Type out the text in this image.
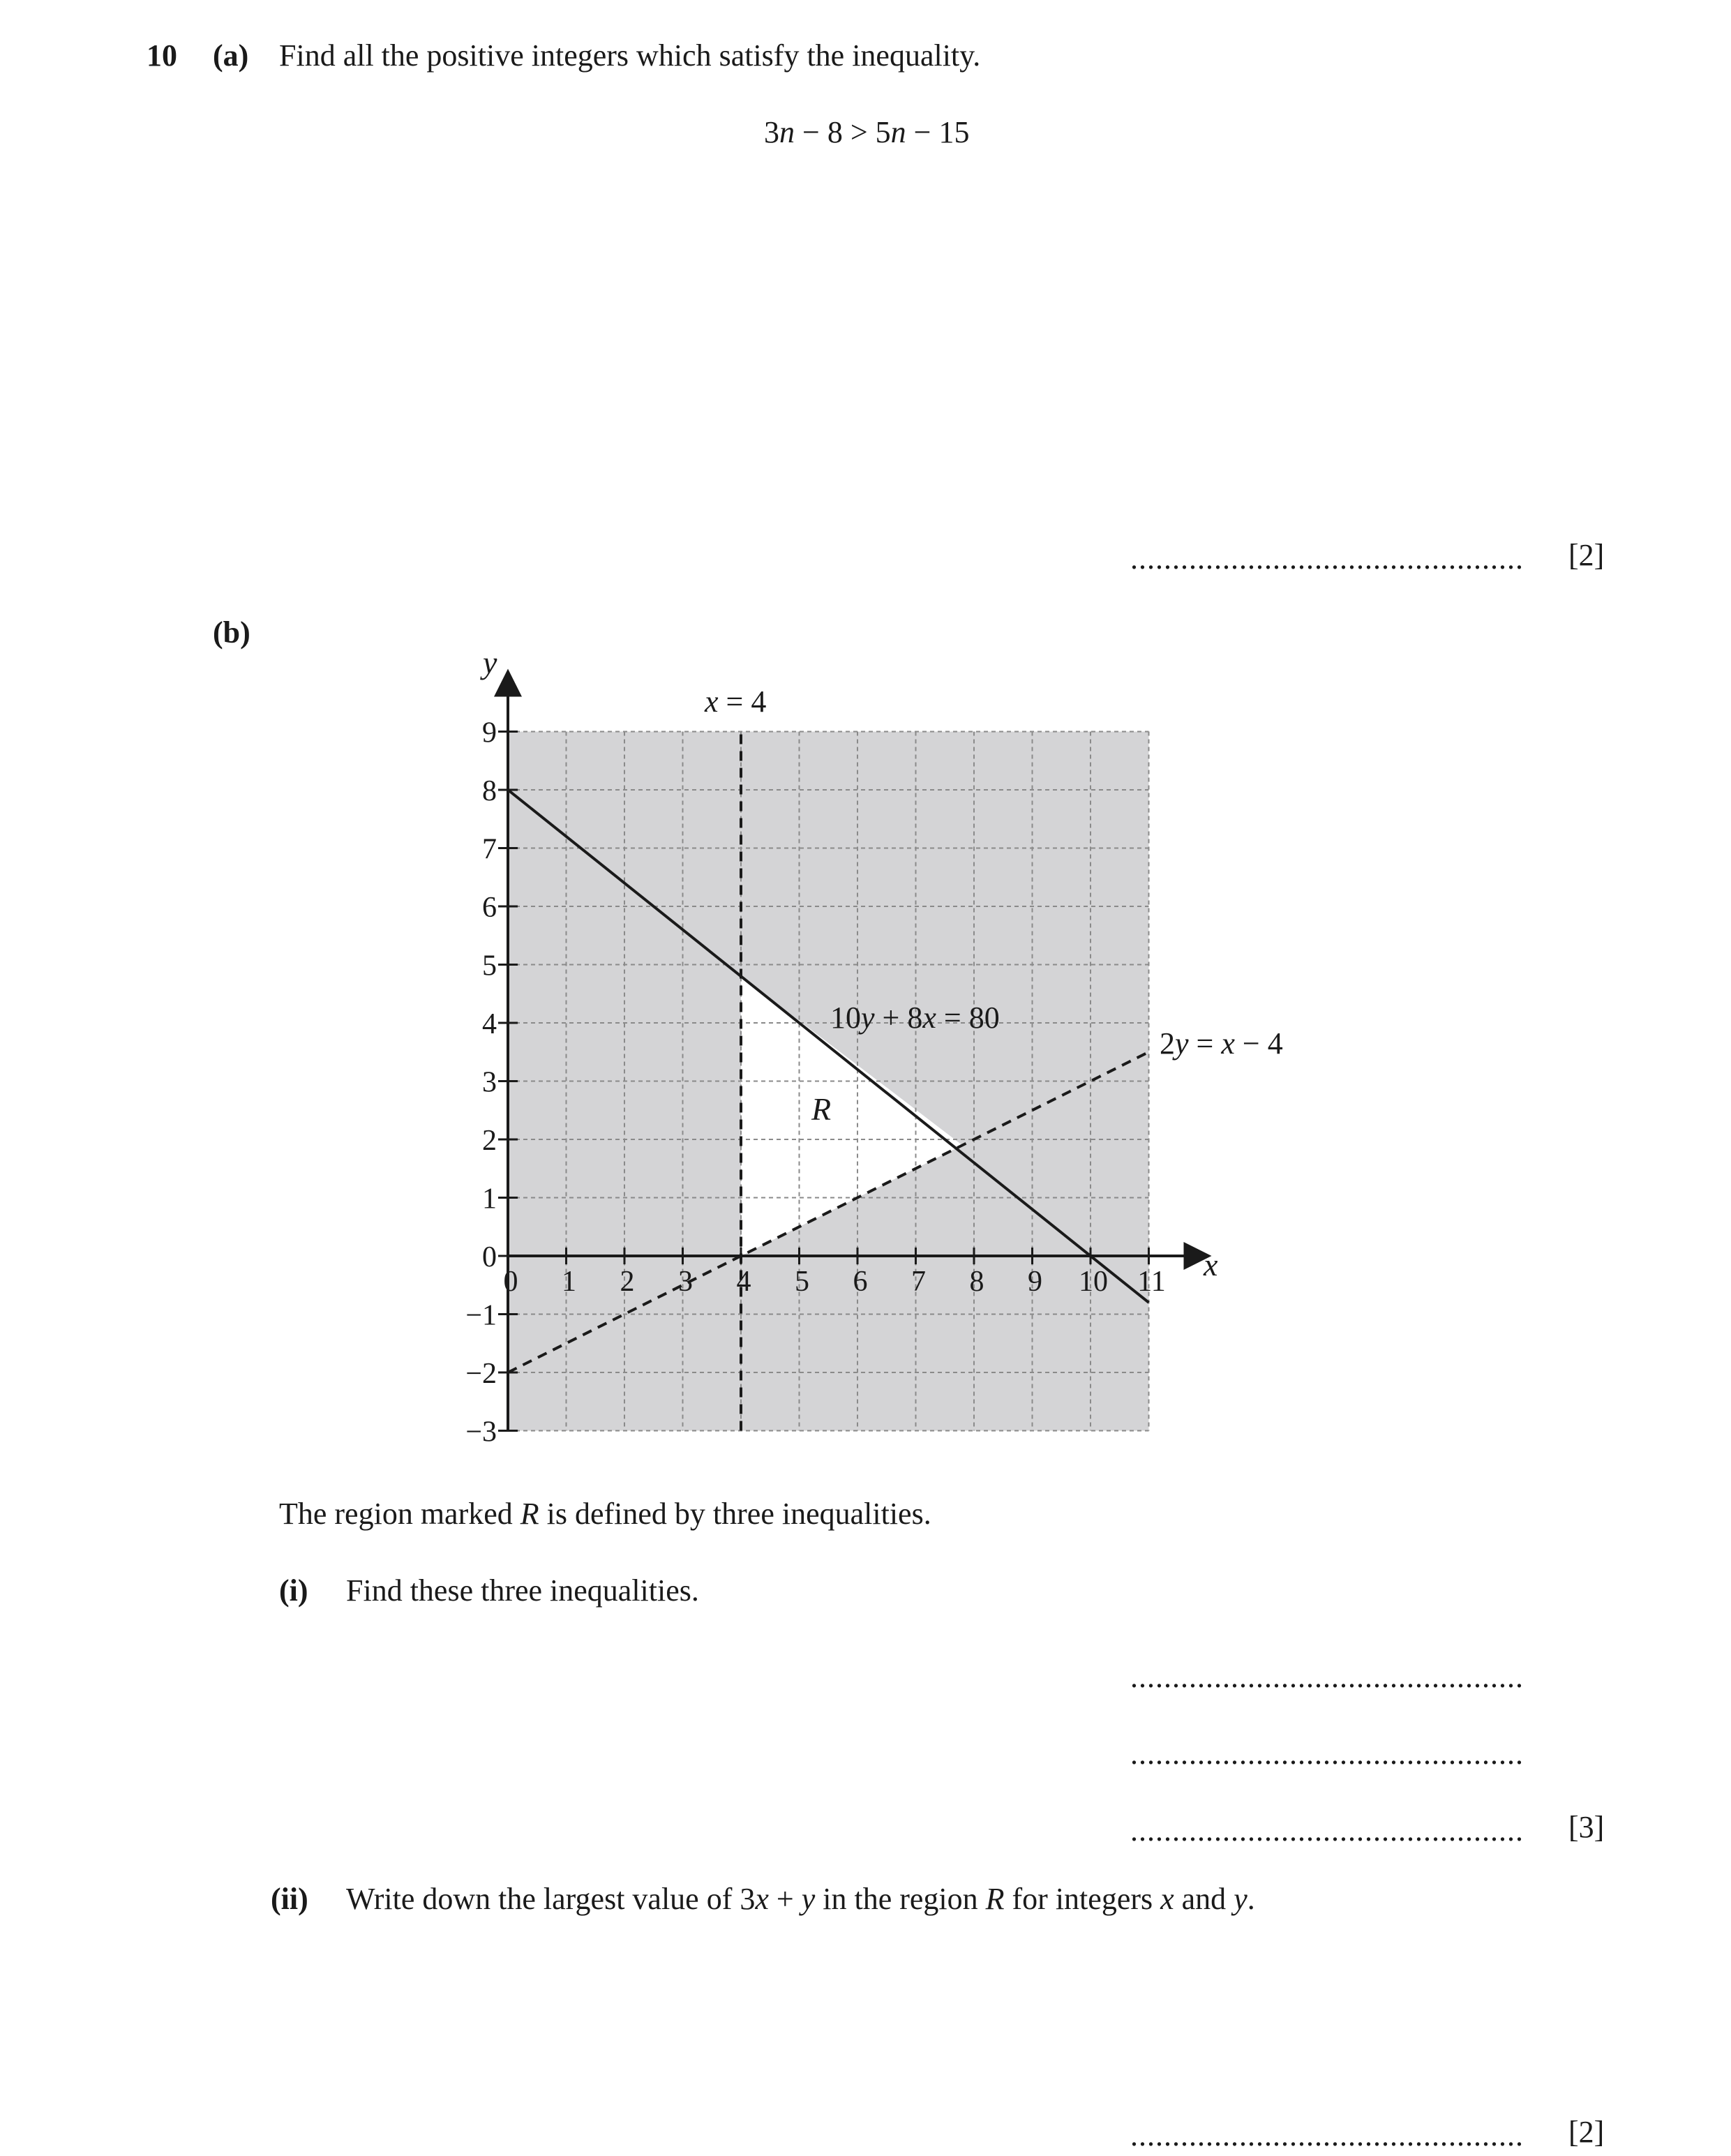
10 (a) Find all the positive integers which satisfy the inequality.
3n − 8 > 5n − 15
............................................... [2]
(b)
0 1 2 3 4 5 6 7 8 9 10 11
−3
−2
−1
0
1
2
3
4
5
6
7
8
9
x = 4
10y + 8x = 80
2y = x − 4
R
x
y
The region marked R is defined by three inequalities.
(i) Find these three inequalities.
...............................................
...............................................
............................................... [3]
(ii) Write down the largest value of 3x + y in the region R for integers x and y.
............................................... [2]
